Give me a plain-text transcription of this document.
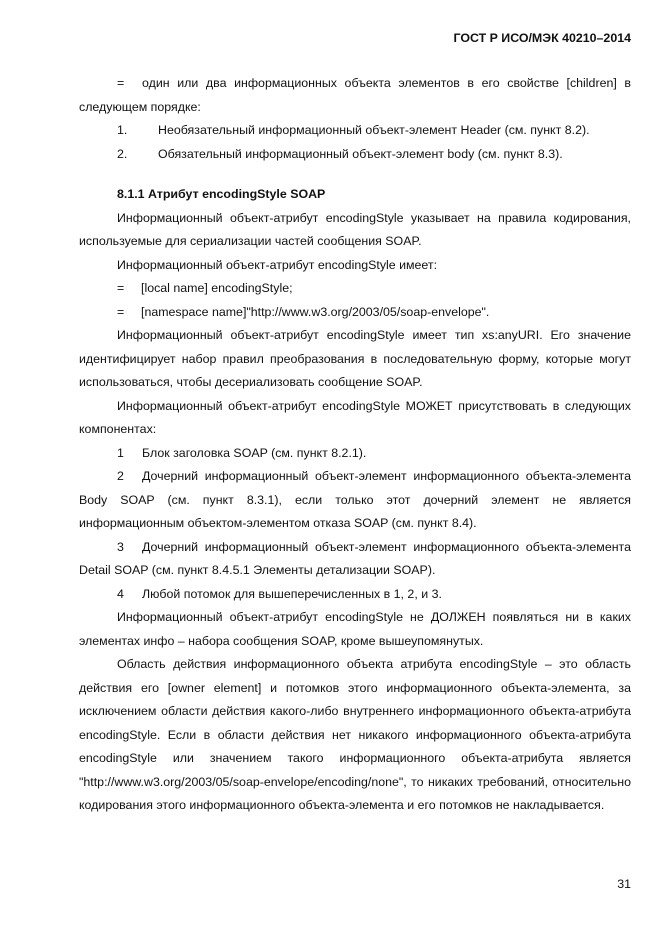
ГОСТ Р ИСО/МЭК 40210–2014

= один или два информационных объекта элементов в его свойстве [children] в следующем порядке:

1.	Необязательный информационный объект-элемент Header (см. пункт 8.2).
2.	Обязательный информационный объект-элемент body (см. пункт 8.3).

8.1.1 Атрибут encodingStyle SOAP

Информационный объект-атрибут encodingStyle указывает на правила кодирования, используемые для сериализации частей сообщения SOAP.

Информационный объект-атрибут encodingStyle имеет:

=	[local name] encodingStyle;
=	[namespace name]"http://www.w3.org/2003/05/soap-envelope".

Информационный объект-атрибут encodingStyle имеет тип xs:anyURI. Его значение идентифицирует набор правил преобразования в последовательную форму, которые могут использоваться, чтобы десериализовать сообщение SOAP.

Информационный объект-атрибут encodingStyle МОЖЕТ присутствовать в следующих компонентах:

1 Блок заголовка SOAP (см. пункт 8.2.1).

2 Дочерний информационный объект-элемент информационного объекта-элемента Body SOAP (см. пункт 8.3.1), если только этот дочерний элемент не является информационным объектом-элементом отказа SOAP (см. пункт 8.4).

3 Дочерний информационный объект-элемент информационного объекта-элемента Detail SOAP (см. пункт 8.4.5.1 Элементы детализации SOAP).

4 Любой потомок для вышеперечисленных в 1, 2, и 3.

Информационный объект-атрибут encodingStyle не ДОЛЖЕН появляться ни в каких элементах инфо – набора сообщения SOAP, кроме вышеупомянутых.

Область действия информационного объекта атрибута encodingStyle – это область действия его [owner element] и потомков этого информационного объекта-элемента, за исключением области действия какого-либо внутреннего информационного объекта-атрибута encodingStyle. Если в области действия нет никакого информационного объекта-атрибута encodingStyle или значением такого информационного объекта-атрибута является "http://www.w3.org/2003/05/soap-envelope/encoding/none", то никаких требований, относительно кодирования этого информационного объекта-элемента и его потомков не накладывается.

31
